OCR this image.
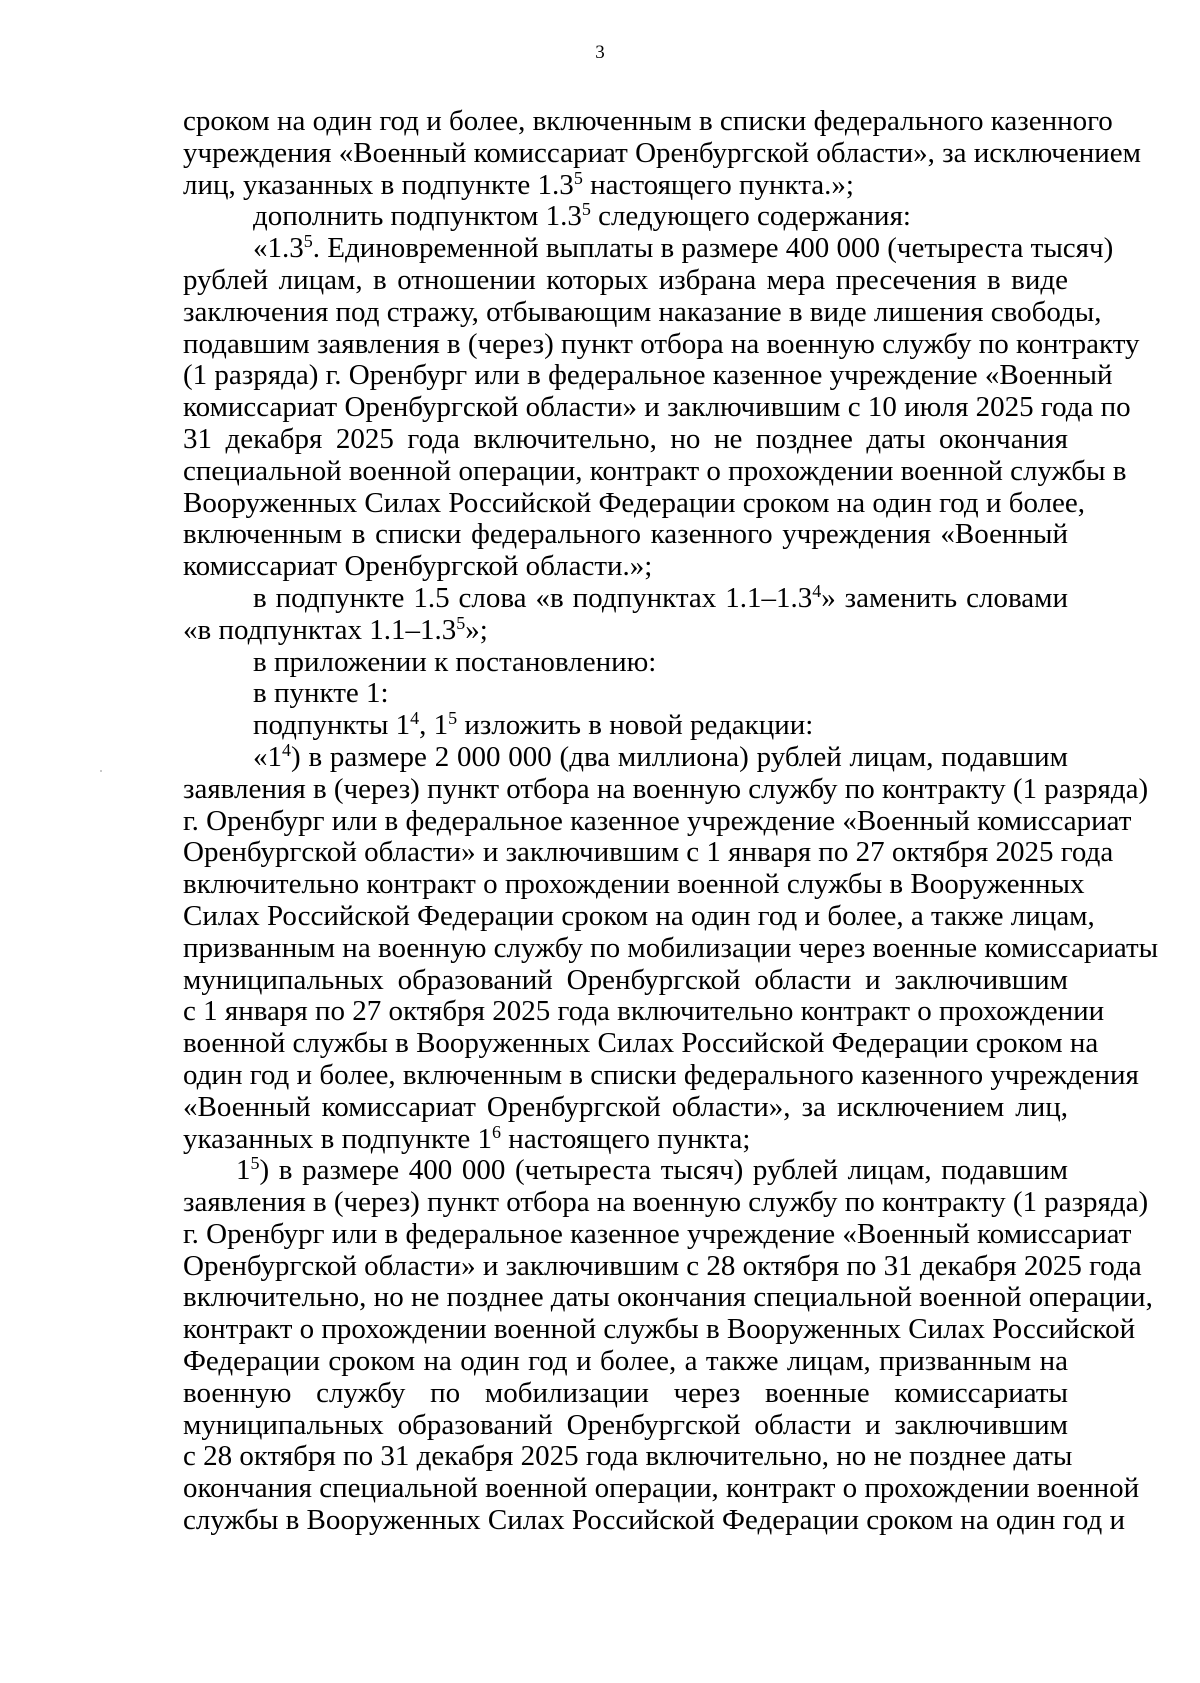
3
сроком на один год и более, включенным в списки федерального казенного
учреждения «Военный комиссариат Оренбургской области», за исключением
лиц, указанных в подпункте $1.3^5$ настоящего пункта.»;
дополнить подпунктом $1.3^5$ следующего содержания:
«$1.3^5$. Единовременной выплаты в размере 400 000 (четыреста тысяч)
рублей лицам, в отношении которых избрана мера пресечения в виде
заключения под стражу, отбывающим наказание в виде лишения свободы,
подавшим заявления в (через) пункт отбора на военную службу по контракту
(1 разряда) г. Оренбург или в федеральное казенное учреждение «Военный
комиссариат Оренбургской области» и заключившим с 10 июля 2025 года по
31 декабря 2025 года включительно, но не позднее даты окончания
специальной военной операции, контракт о прохождении военной службы в
Вооруженных Силах Российской Федерации сроком на один год и более,
включенным в списки федерального казенного учреждения «Военный
комиссариат Оренбургской области.»;
в подпункте 1.5 слова «в подпунктах $1.1-1.3^4$» заменить словами
«в подпунктах $1.1-1.3^5$»;
в приложении к постановлению:
в пункте 1:
подпункты $1^4$, $1^5$ изложить в новой редакции:
«$1^4$) в размере 2 000 000 (два миллиона) рублей лицам, подавшим
заявления в (через) пункт отбора на военную службу по контракту (1 разряда)
г. Оренбург или в федеральное казенное учреждение «Военный комиссариат
Оренбургской области» и заключившим с 1 января по 27 октября 2025 года
включительно контракт о прохождении военной службы в Вооруженных
Силах Российской Федерации сроком на один год и более, а также лицам,
призванным на военную службу по мобилизации через военные комиссариаты
муниципальных образований Оренбургской области и заключившим
с 1 января по 27 октября 2025 года включительно контракт о прохождении
военной службы в Вооруженных Силах Российской Федерации сроком на
один год и более, включенным в списки федерального казенного учреждения
«Военный комиссариат Оренбургской области», за исключением лиц,
указанных в подпункте $1^6$ настоящего пункта;
$1^5$) в размере 400 000 (четыреста тысяч) рублей лицам, подавшим
заявления в (через) пункт отбора на военную службу по контракту (1 разряда)
г. Оренбург или в федеральное казенное учреждение «Военный комиссариат
Оренбургской области» и заключившим с 28 октября по 31 декабря 2025 года
включительно, но не позднее даты окончания специальной военной операции,
контракт о прохождении военной службы в Вооруженных Силах Российской
Федерации сроком на один год и более, а также лицам, призванным на
военную службу по мобилизации через военные комиссариаты
муниципальных образований Оренбургской области и заключившим
с 28 октября по 31 декабря 2025 года включительно, но не позднее даты
окончания специальной военной операции, контракт о прохождении военной
службы в Вооруженных Силах Российской Федерации сроком на один год и
